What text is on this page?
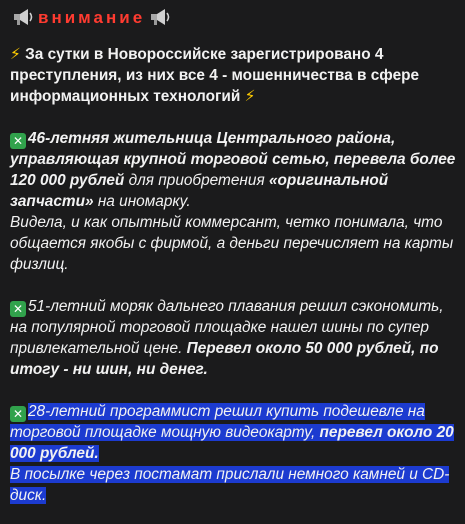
внимание

⚡ За сутки в Новороссийске зарегистрировано 4 преступления, из них все 4 - мошенничества в сфере информационных технологий ⚡

✕ 46-летняя жительница Центрального района, управляющая крупной торговой сетью, перевела более 120 000 рублей для приобретения «оригинальной запчасти» на иномарку.

Видела, и как опытный коммерсант, четко понимала, что общается якобы с фирмой, а деньги перечисляет на карты физлиц.

✕ 51-летний моряк дальнего плавания решил сэкономить, на популярной торговой площадке нашел шины по супер привлекательной цене. Перевел около 50 000 рублей, по итогу - ни шин, ни денег.

✕ 28-летний программист решил купить подешевле на торговой площадке мощную видеокарту, перевел около 20 000 рублей.

В посылке через постамат прислали немного камней и CD-диск.
